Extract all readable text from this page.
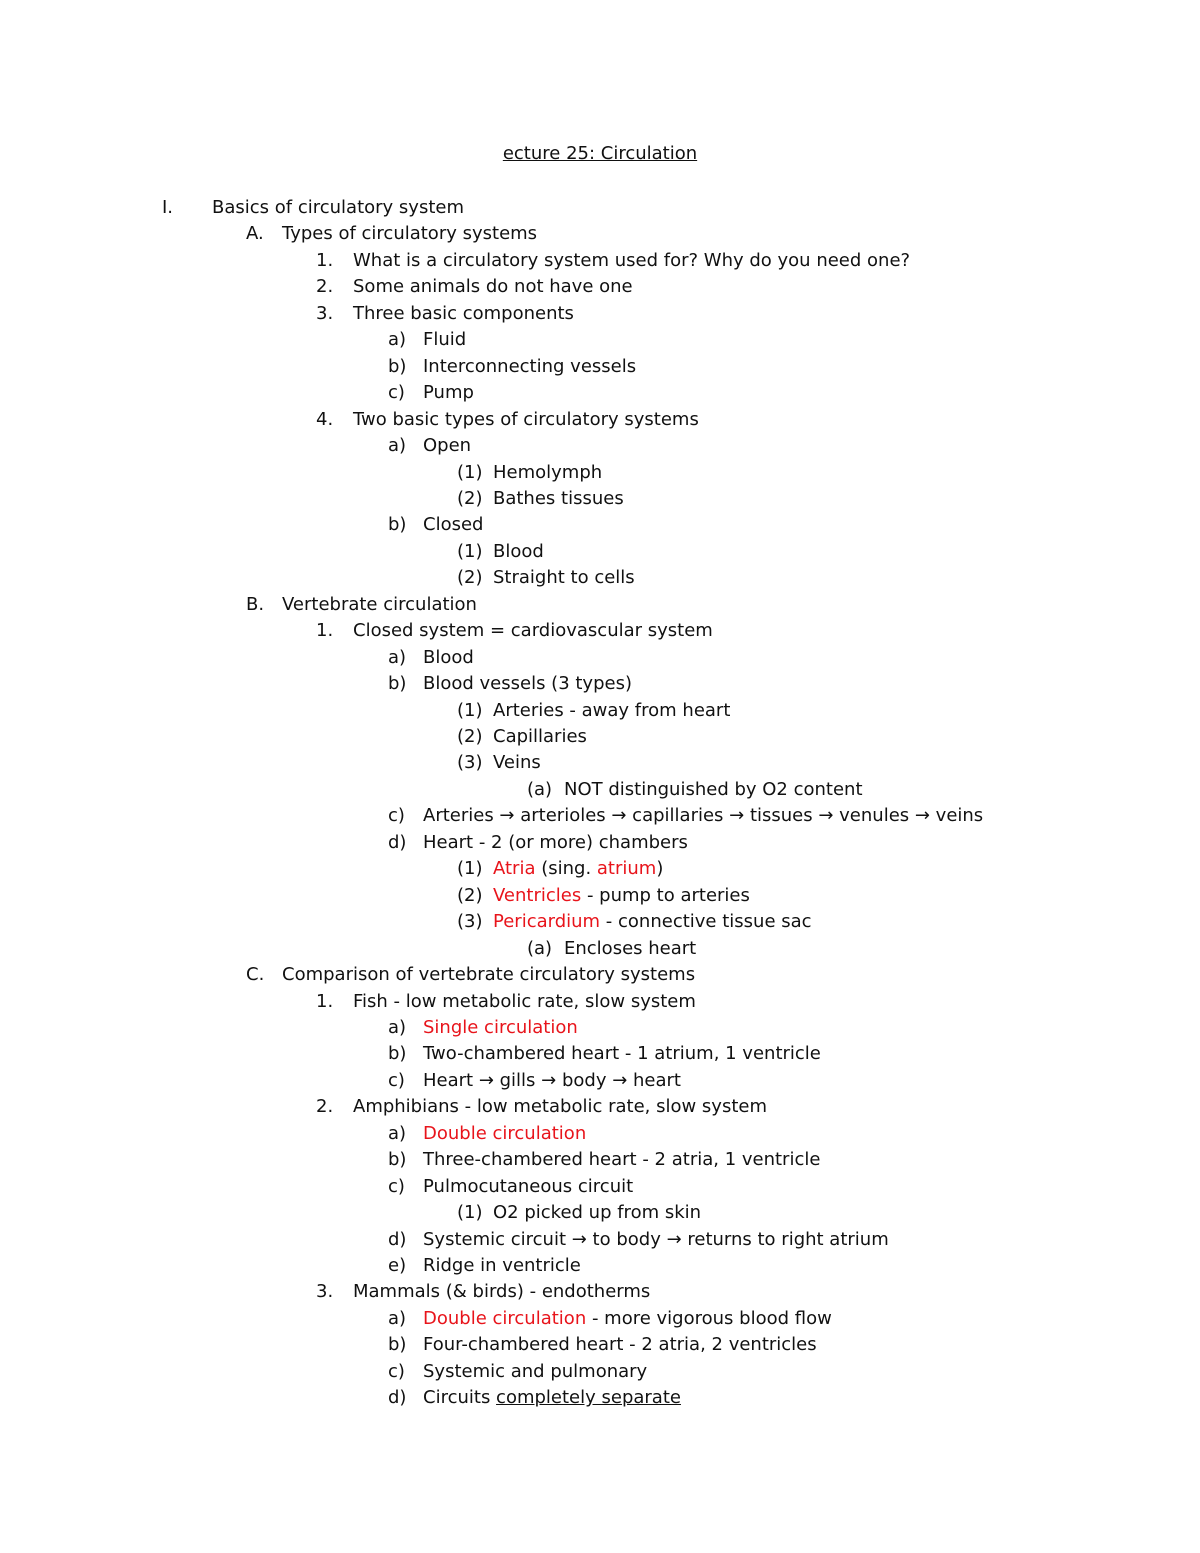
ecture 25: Circulation
I. Basics of circulatory system
A. Types of circulatory systems
1. What is a circulatory system used for? Why do you need one?
2. Some animals do not have one
3. Three basic components
a) Fluid
b) Interconnecting vessels
c) Pump
4. Two basic types of circulatory systems
a) Open
(1) Hemolymph
(2) Bathes tissues
b) Closed
(1) Blood
(2) Straight to cells
B. Vertebrate circulation
1. Closed system = cardiovascular system
a) Blood
b) Blood vessels (3 types)
(1) Arteries - away from heart
(2) Capillaries
(3) Veins
(a) NOT distinguished by O2 content
c) Arteries → arterioles → capillaries → tissues → venules → veins
d) Heart - 2 (or more) chambers
(1) Atria (sing. atrium)
(2) Ventricles - pump to arteries
(3) Pericardium - connective tissue sac
(a) Encloses heart
C. Comparison of vertebrate circulatory systems
1. Fish - low metabolic rate, slow system
a) Single circulation
b) Two-chambered heart - 1 atrium, 1 ventricle
c) Heart → gills → body → heart
2. Amphibians - low metabolic rate, slow system
a) Double circulation
b) Three-chambered heart - 2 atria, 1 ventricle
c) Pulmocutaneous circuit
(1) O2 picked up from skin
d) Systemic circuit → to body → returns to right atrium
e) Ridge in ventricle
3. Mammals (& birds) - endotherms
a) Double circulation - more vigorous blood flow
b) Four-chambered heart - 2 atria, 2 ventricles
c) Systemic and pulmonary
d) Circuits completely separate
